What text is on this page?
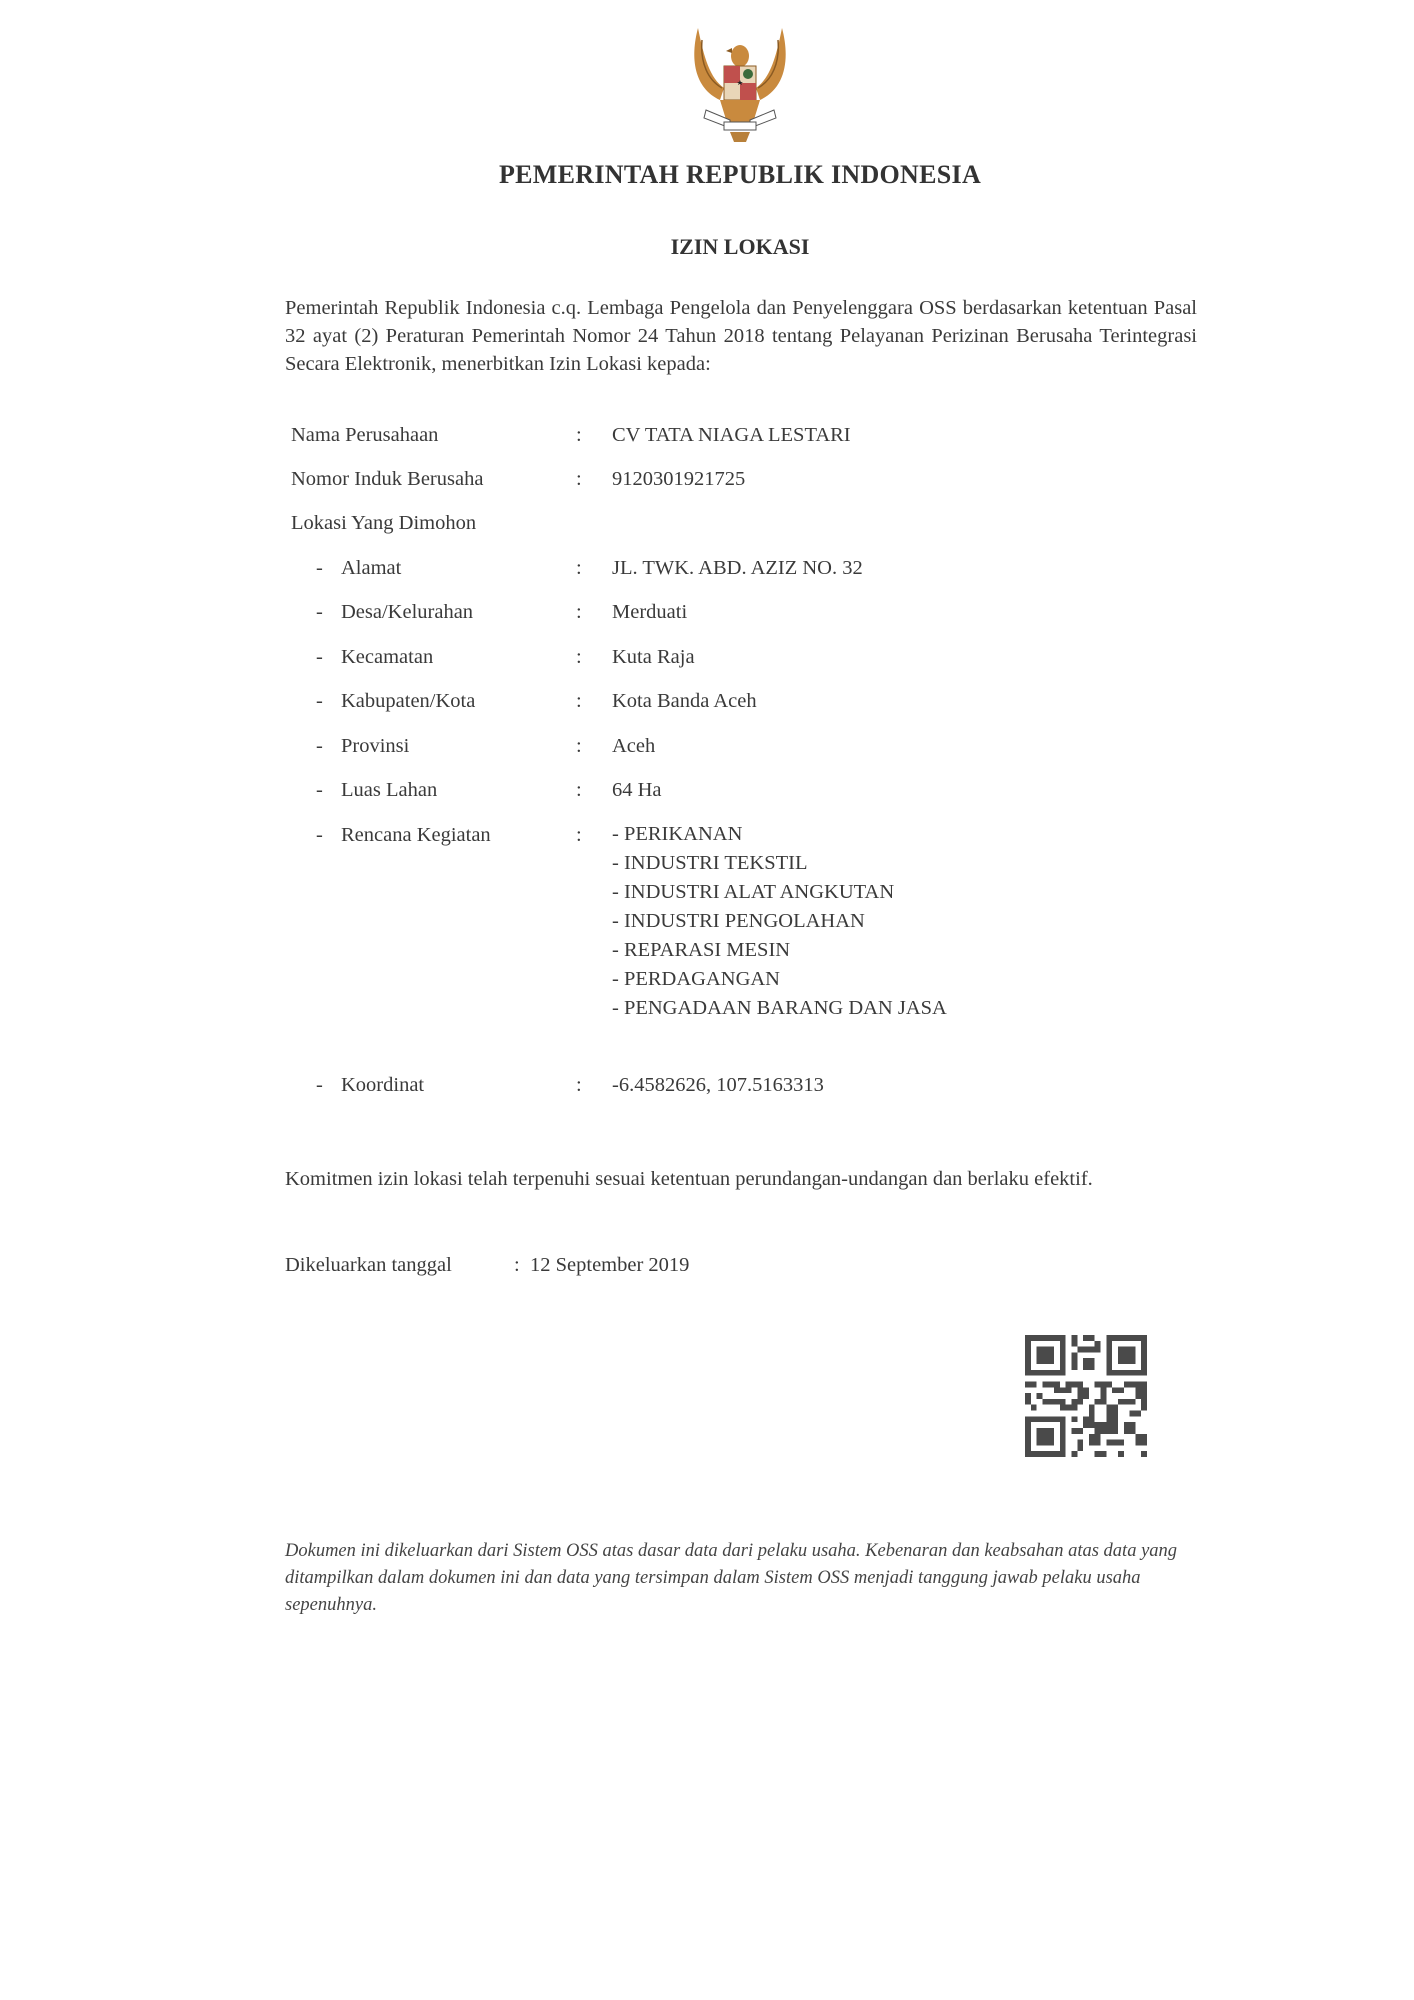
PEMERINTAH REPUBLIK INDONESIA
IZIN LOKASI
Pemerintah Republik Indonesia c.q. Lembaga Pengelola dan Penyelenggara OSS berdasarkan ketentuan Pasal 32 ayat (2) Peraturan Pemerintah Nomor 24 Tahun 2018 tentang Pelayanan Perizinan Berusaha Terintegrasi Secara Elektronik, menerbitkan Izin Lokasi kepada:
Nama Perusahaan	: CV TATA NIAGA LESTARI
Nomor Induk Berusaha	: 9120301921725
Lokasi Yang Dimohon
- Alamat	: JL. TWK. ABD. AZIZ NO. 32
- Desa/Kelurahan	: Merduati
- Kecamatan	: Kuta Raja
- Kabupaten/Kota	: Kota Banda Aceh
- Provinsi	: Aceh
- Luas Lahan	: 64 Ha
- Rencana Kegiatan	: - PERIKANAN
- INDUSTRI TEKSTIL
- INDUSTRI ALAT ANGKUTAN
- INDUSTRI PENGOLAHAN
- REPARASI MESIN
- PERDAGANGAN
- PENGADAAN BARANG DAN JASA
- Koordinat	: -6.4582626, 107.5163313
Komitmen izin lokasi telah terpenuhi sesuai ketentuan perundangan-undangan dan berlaku efektif.
Dikeluarkan tanggal	: 12 September 2019
Dokumen ini dikeluarkan dari Sistem OSS atas dasar data dari pelaku usaha. Kebenaran dan keabsahan atas data yang ditampilkan dalam dokumen ini dan data yang tersimpan dalam Sistem OSS menjadi tanggung jawab pelaku usaha sepenuhnya.
